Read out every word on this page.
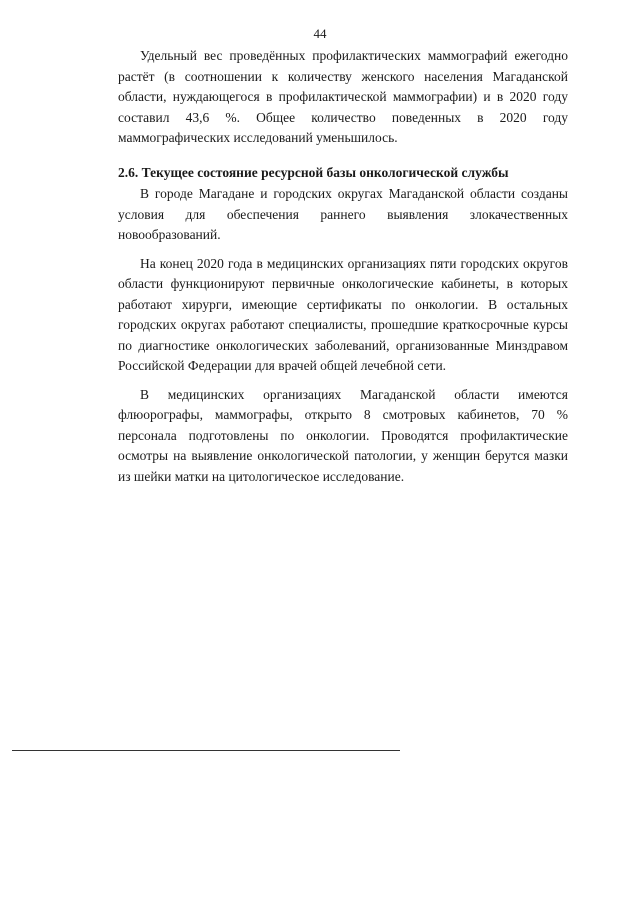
44

Удельный вес проведённых профилактических маммографий ежегодно растёт (в соотношении к количеству женского населения Магаданской области, нуждающегося в профилактической маммографии) и в 2020 году составил 43,6 %. Общее количество поведенных в 2020 году маммографических исследований уменьшилось.

2.6. Текущее состояние ресурсной базы онкологической службы

В городе Магадане и городских округах Магаданской области созданы условия для обеспечения раннего выявления злокачественных новообразований.

На конец 2020 года в медицинских организациях пяти городских округов области функционируют первичные онкологические кабинеты, в которых работают хирурги, имеющие сертификаты по онкологии. В остальных городских округах работают специалисты, прошедшие краткосрочные курсы по диагностике онкологических заболеваний, организованные Минздравом Российской Федерации для врачей общей лечебной сети.

В медицинских организациях Магаданской области имеются флюорографы, маммографы, открыто 8 смотровых кабинетов, 70 % персонала подготовлены по онкологии. Проводятся профилактические осмотры на выявление онкологической патологии, у женщин берутся мазки из шейки матки на цитологическое исследование.
